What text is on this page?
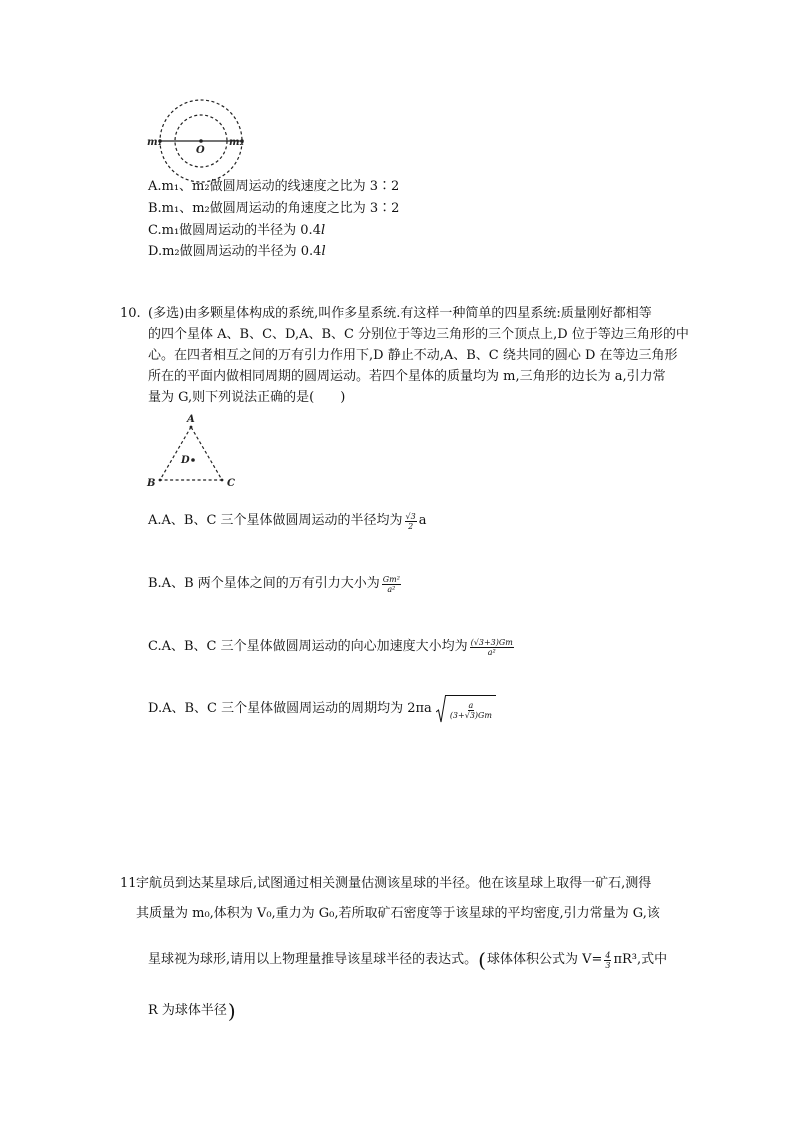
m₁
O
m₂
A.m₁、m₂做圆周运动的线速度之比为 3∶2
B.m₁、m₂做圆周运动的角速度之比为 3∶2
C.m₁做圆周运动的半径为 0.4l
D.m₂做圆周运动的半径为 0.4l
10. (多选)由多颗星体构成的系统,叫作多星系统.有这样一种简单的四星系统:质量刚好都相等
的四个星体 A、B、C、D,A、B、C 分别位于等边三角形的三个顶点上,D 位于等边三角形的中
心。在四者相互之间的万有引力作用下,D 静止不动,A、B、C 绕共同的圆心 D 在等边三角形
所在的平面内做相同周期的圆周运动。若四个星体的质量均为 m,三角形的边长为 a,引力常
量为 G,则下列说法正确的是(　　)
A
B	C
D
A.A、B、C 三个星体做圆周运动的半径均为 $\frac{√3}{2}$ a
B.A、B 两个星体之间的万有引力大小为 $\frac{\text{Gm²}}{\text{a²}}$
C.A、B、C 三个星体做圆周运动的向心加速度大小均为 $\frac{(√3+3)Gm}{\text{a²}}$
D.A、B、C 三个星体做圆周运动的周期均为 $2\pi a \frac{a}{(3+√3)Gm}$
11.
宇航员到达某星球后,试图通过相关测量估测该星球的半径。他在该星球上取得一矿石,测得
其质量为 m₀,体积为 V₀,重力为 G₀,若所取矿石密度等于该星球的平均密度,引力常量为 G,该
星球视为球形,请用以上物理量推导该星球半径的表达式。 ( 球体体积公式为 $V= \frac{4}{3} \pi R^3$,式中
R 为球体半径 )
